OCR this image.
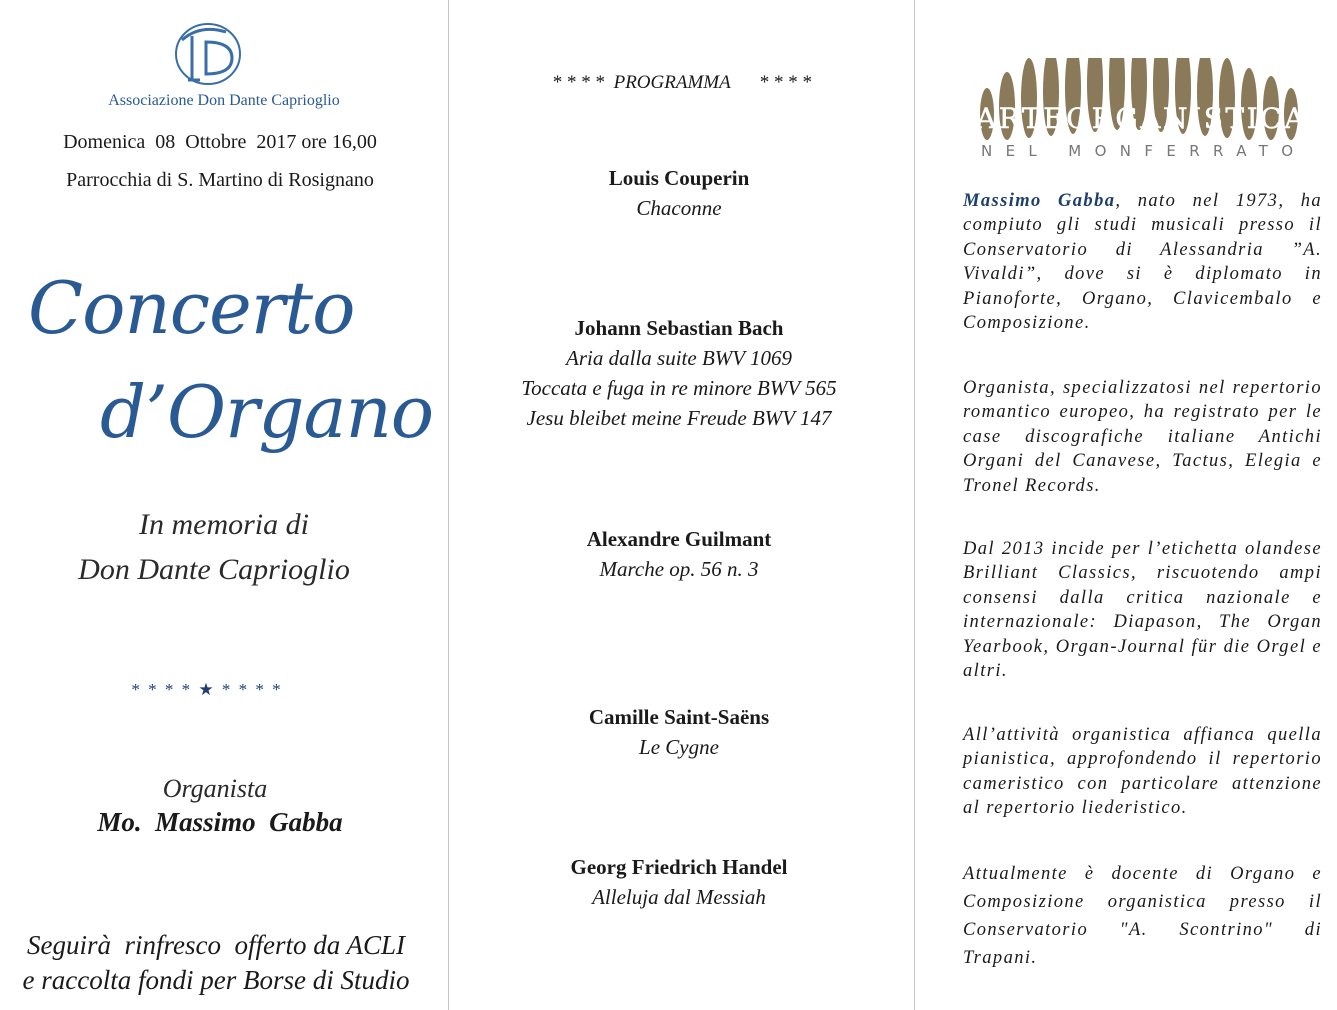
Associazione Don Dante Caprioglio
Domenica  08  Ottobre  2017 ore 16,00
Parrocchia di S. Martino di Rosignano
Concerto
d’Organo
In memoria di
Don Dante Caprioglio
* * * * ★ * * * *
Organista
Mo.  Massimo  Gabba
Seguirà  rinfresco  offerto da ACLI
e raccolta fondi per Borse di Studio
* * * *  PROGRAMMA      * * * *
Louis Couperin
Chaconne
Johann Sebastian Bach
Aria dalla suite BWV 1069
Toccata e fuga in re minore BWV 565
Jesu bleibet meine Freude BWV 147
Alexandre Guilmant
Marche op. 56 n. 3
Camille Saint-Saëns
Le Cygne
Georg Friedrich Handel
Alleluja dal Messiah
ARTEORGANISTICA
NEL MONFERRATO

Massimo Gabba, nato nel 1973, ha compiuto gli studi musicali presso il Conservatorio di Alessandria ”A. Vivaldi”, dove si è diplomato in Pianoforte, Organo, Clavicembalo e Composizione.

Organista, specializzatosi nel repertorio romantico europeo, ha registrato per le case discografiche italiane Antichi Organi del Canavese, Tactus, Elegia e Tronel Records.

Dal 2013 incide per l’etichetta olandese Brilliant Classics, riscuotendo ampi consensi dalla critica nazionale e internazionale: Diapason, The Organ Yearbook, Organ-Journal für die Orgel e altri.

All’attività organistica affianca quella pianistica, approfondendo il repertorio cameristico con particolare attenzione al repertorio liederistico.

Attualmente è docente di Organo e Composizione organistica presso il Conservatorio "A. Scontrino" di Trapani.
